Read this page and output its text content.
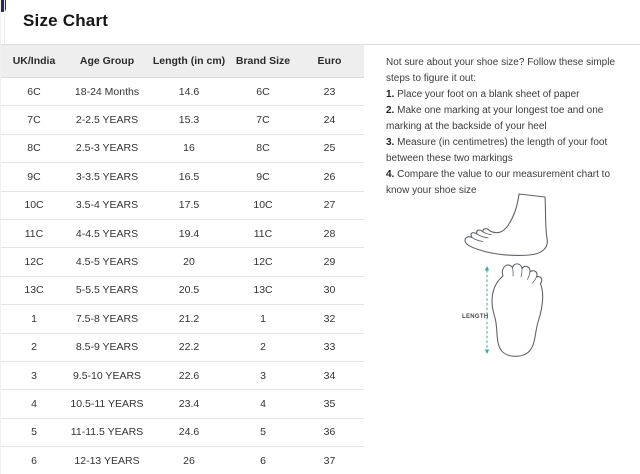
Size Chart
UK/India	Age Group	Length (in cm)	Brand Size	Euro
6C	18-24 Months	14.6	6C	23
7C	2-2.5 YEARS	15.3	7C	24
8C	2.5-3 YEARS	16	8C	25
9C	3-3.5 YEARS	16.5	9C	26
10C	3.5-4 YEARS	17.5	10C	27
11C	4-4.5 YEARS	19.4	11C	28
12C	4.5-5 YEARS	20	12C	29
13C	5-5.5 YEARS	20.5	13C	30
1	7.5-8 YEARS	21.2	1	32
2	8.5-9 YEARS	22.2	2	33
3	9.5-10 YEARS	22.6	3	34
4	10.5-11 YEARS	23.4	4	35
5	11-11.5 YEARS	24.6	5	36
6	12-13 YEARS	26	6	37
Not sure about your shoe size? Follow these simple steps to figure it out:
1. Place your foot on a blank sheet of paper
2. Make one marking at your longest toe and one marking at the backside of your heel
3. Measure (in centimetres) the length of your foot between these two markings
4. Compare the value to our measurement chart to know your shoe size
LENGTH
